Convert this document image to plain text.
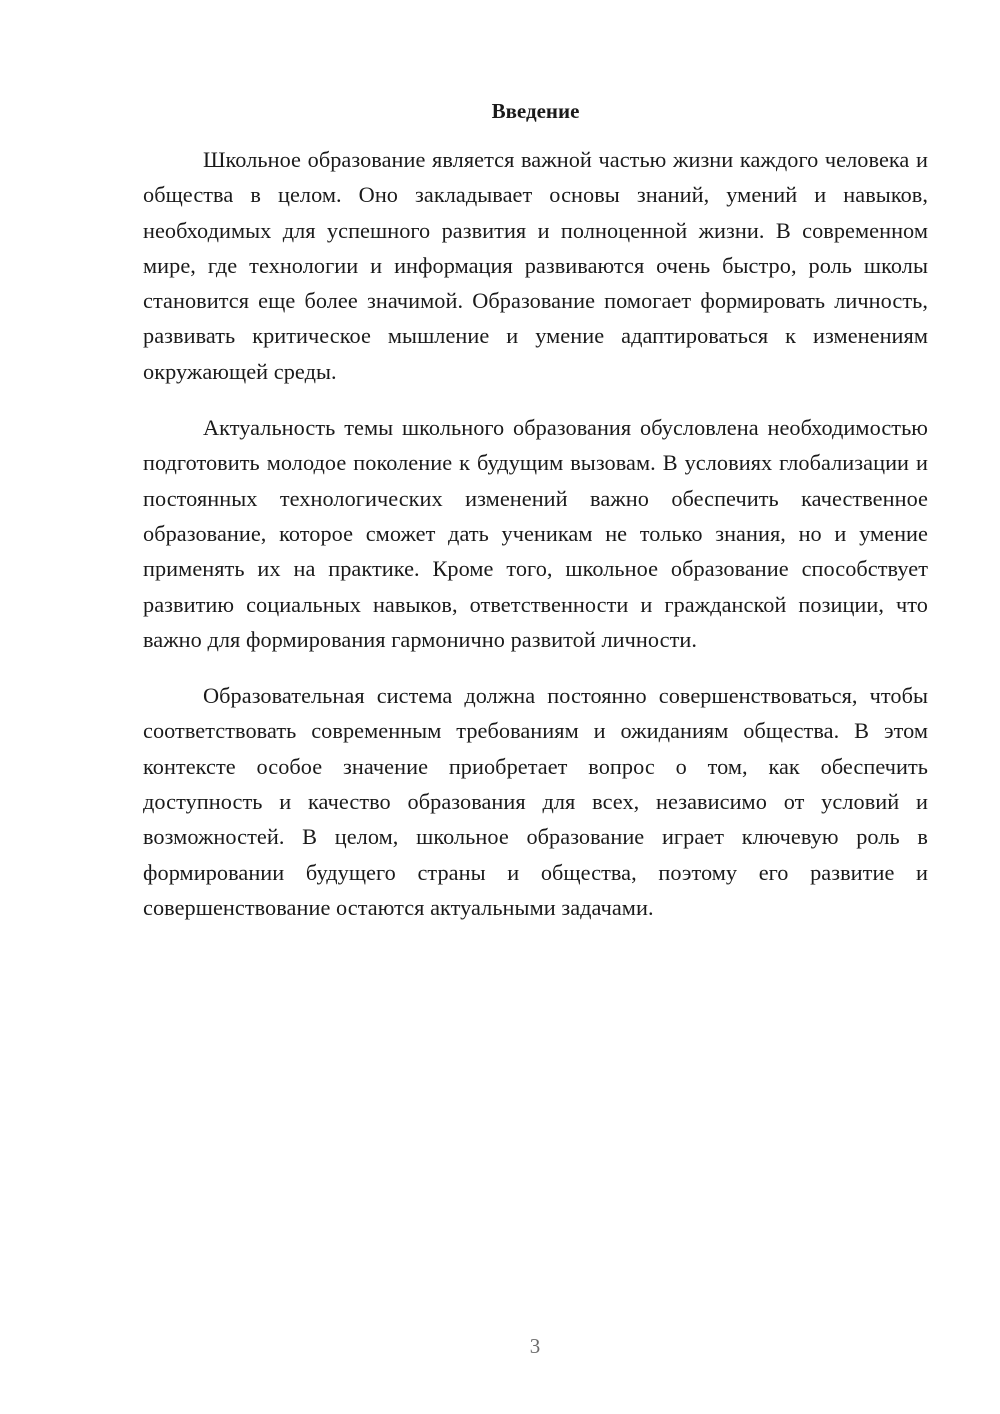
Введение

Школьное образование является важной частью жизни каждого человека и общества в целом. Оно закладывает основы знаний, умений и навыков, необходимых для успешного развития и полноценной жизни. В современном мире, где технологии и информация развиваются очень быстро, роль школы становится еще более значимой. Образование помогает формировать личность, развивать критическое мышление и умение адаптироваться к изменениям окружающей среды.

Актуальность темы школьного образования обусловлена необходимостью подготовить молодое поколение к будущим вызовам. В условиях глобализации и постоянных технологических изменений важно обеспечить качественное образование, которое сможет дать ученикам не только знания, но и умение применять их на практике. Кроме того, школьное образование способствует развитию социальных навыков, ответственности и гражданской позиции, что важно для формирования гармонично развитой личности.

Образовательная система должна постоянно совершенствоваться, чтобы соответствовать современным требованиям и ожиданиям общества. В этом контексте особое значение приобретает вопрос о том, как обеспечить доступность и качество образования для всех, независимо от условий и возможностей. В целом, школьное образование играет ключевую роль в формировании будущего страны и общества, поэтому его развитие и совершенствование остаются актуальными задачами.

3
